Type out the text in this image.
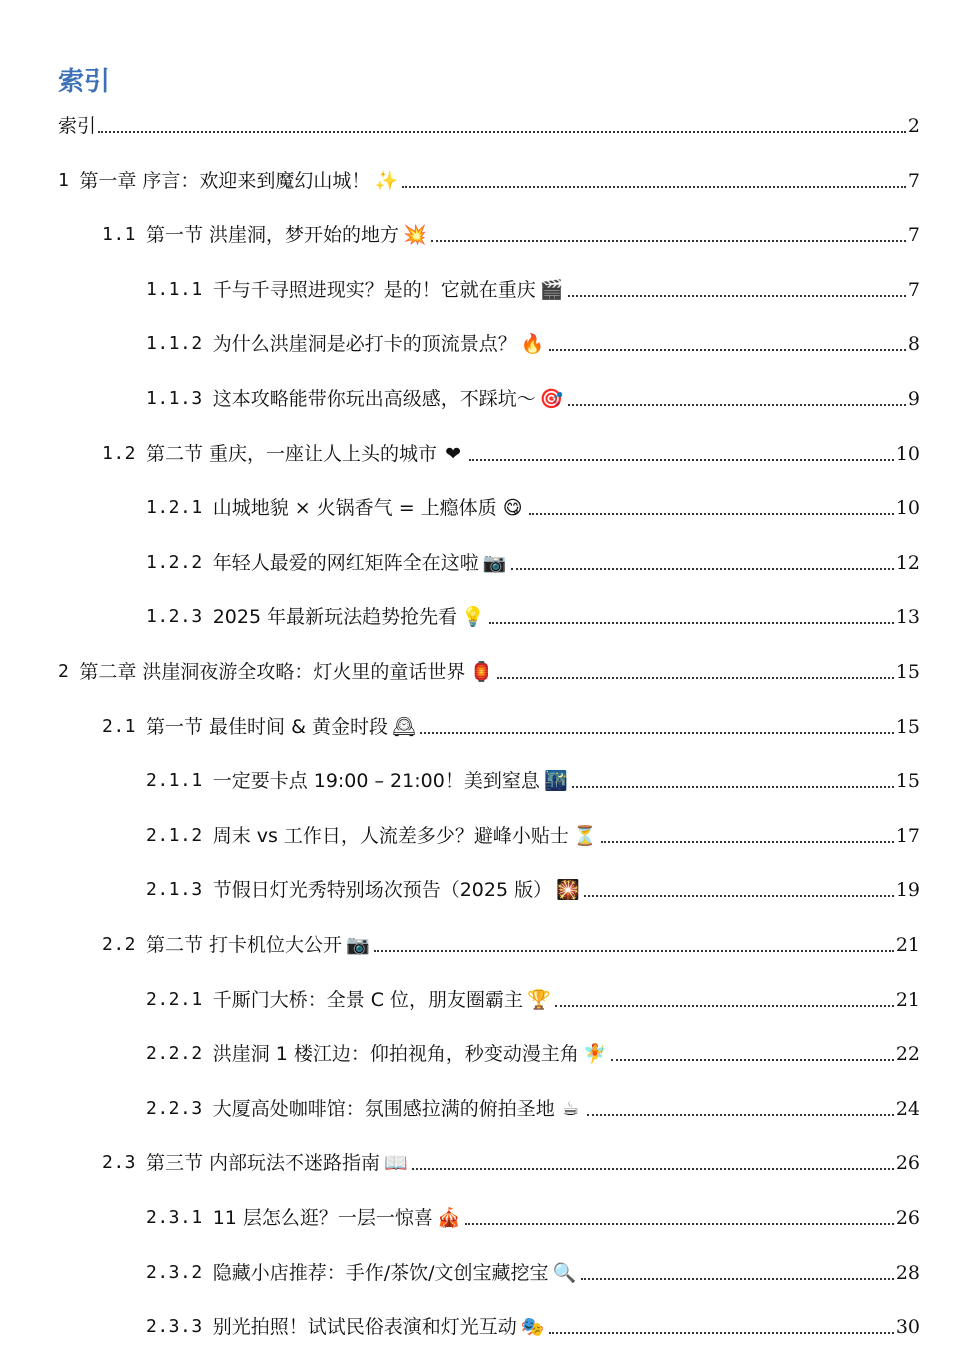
索引
索引	2
1 第一章 序言：欢迎来到魔幻山城！ ✨	7
1.1 第一节 洪崖洞，梦开始的地方 💥	7
1.1.1 千与千寻照进现实？是的！它就在重庆 🎬	7
1.1.2 为什么洪崖洞是必打卡的顶流景点？ 🔥	8
1.1.3 这本攻略能带你玩出高级感，不踩坑～ 🎯	9
1.2 第二节 重庆，一座让人上头的城市 ❤	10
1.2.1 山城地貌 × 火锅香气 = 上瘾体质 😋	10
1.2.2 年轻人最爱的网红矩阵全在这啦 📷	12
1.2.3 2025 年最新玩法趋势抢先看 💡	13
2 第二章 洪崖洞夜游全攻略：灯火里的童话世界 🏮	15
2.1 第一节 最佳时间 & 黄金时段 🕰	15
2.1.1 一定要卡点 19:00 – 21:00！美到窒息 🌃	15
2.1.2 周末 vs 工作日，人流差多少？避峰小贴士 ⏳	17
2.1.3 节假日灯光秀特别场次预告（2025 版） 🎇	19
2.2 第二节 打卡机位大公开 📷	21
2.2.1 千厮门大桥：全景 C 位，朋友圈霸主 🏆	21
2.2.2 洪崖洞 1 楼江边：仰拍视角，秒变动漫主角 🧚	22
2.2.3 大厦高处咖啡馆：氛围感拉满的俯拍圣地 ☕	24
2.3 第三节 内部玩法不迷路指南 📖	26
2.3.1 11 层怎么逛？一层一惊喜 🎪	26
2.3.2 隐藏小店推荐：手作/茶饮/文创宝藏挖宝 🔍	28
2.3.3 别光拍照！试试民俗表演和灯光互动 🎭	30
